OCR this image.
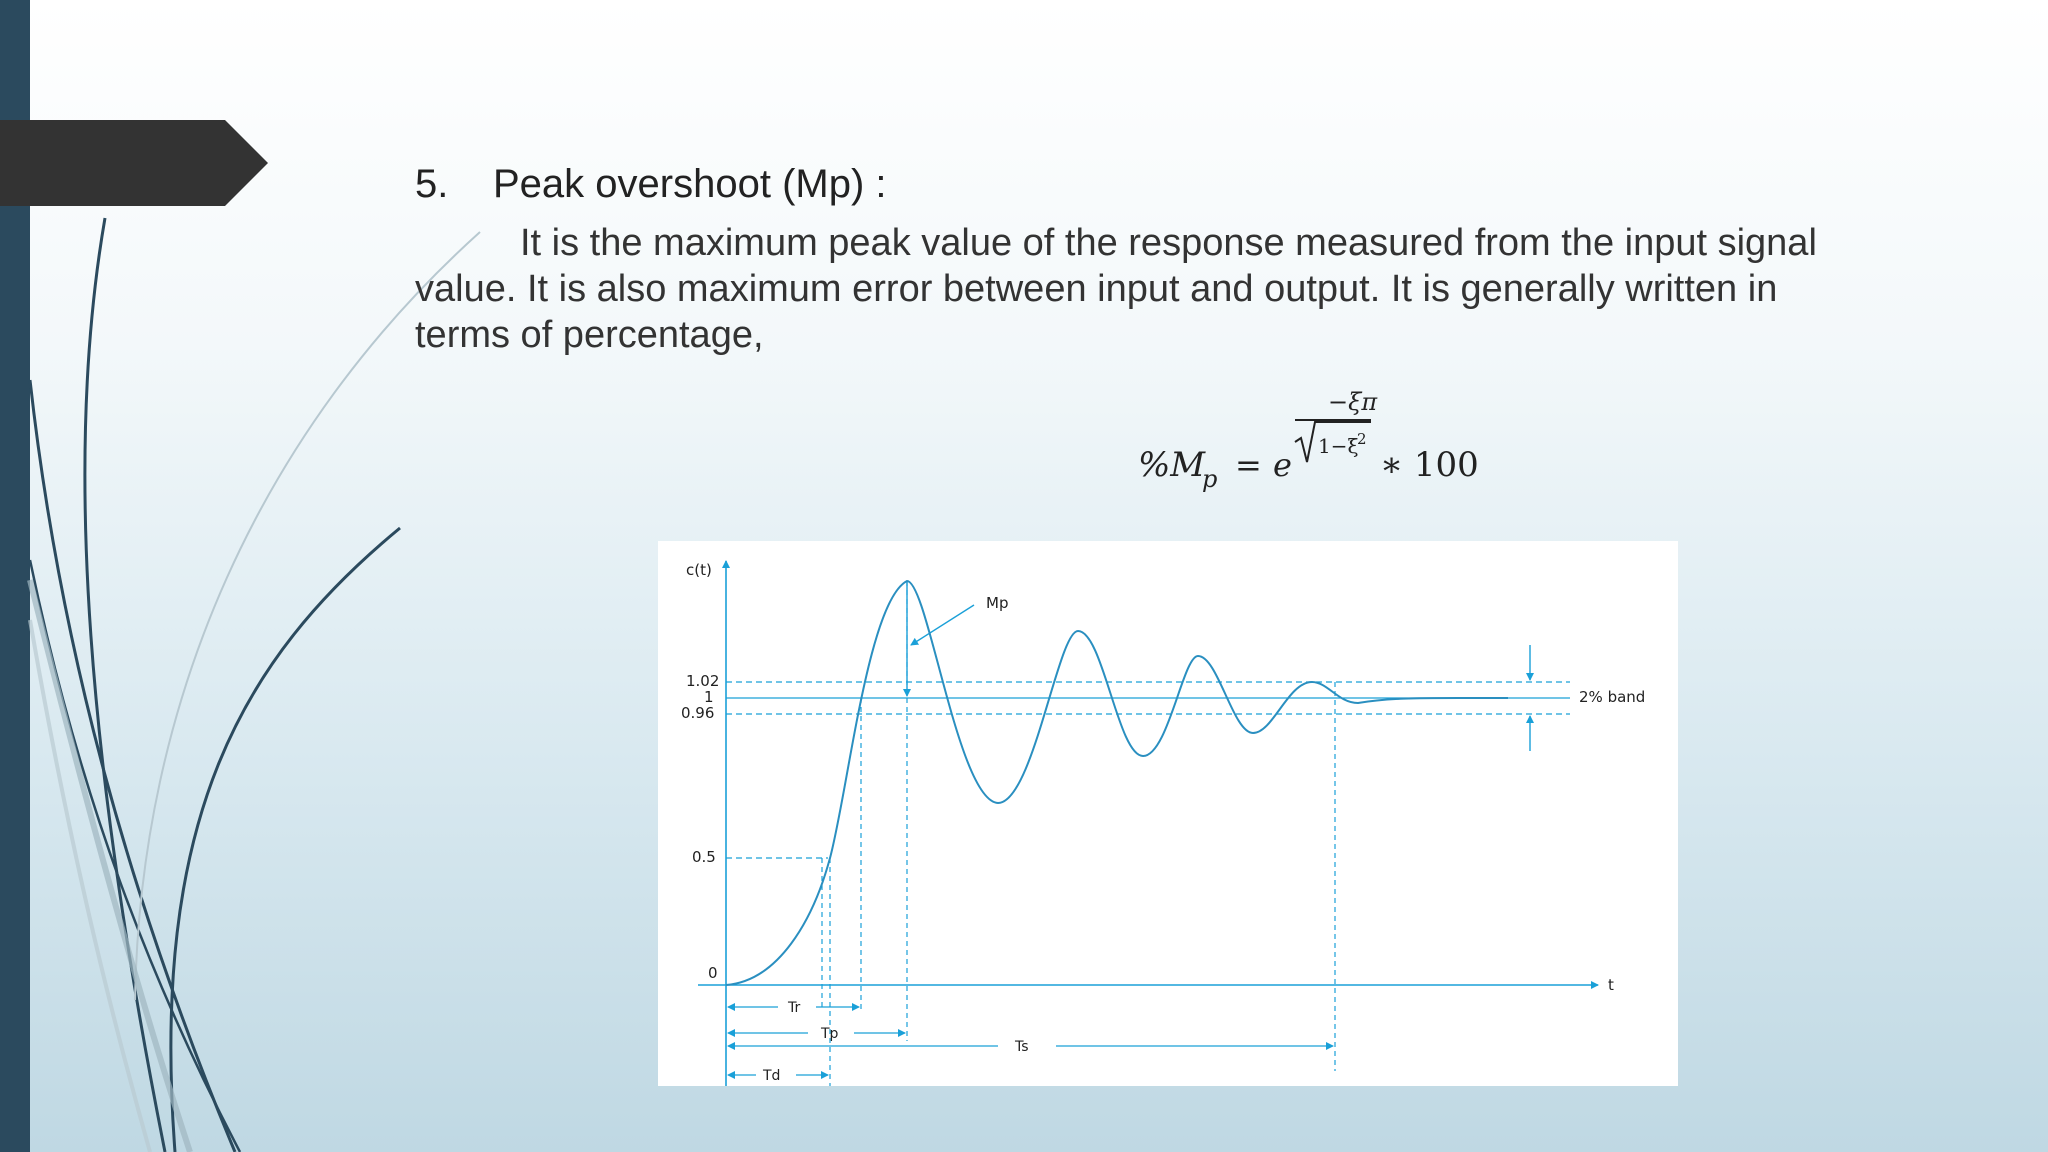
5. Peak overshoot (Mp) :
It is the maximum peak value of the response measured from the input signal
value. It is also maximum error between input and output. It is generally written in
terms of percentage,
−ξπ
1−ξ
2
%M
p = e	∗ 100
c(t)
t
1.02
1
0.96
0.5
0
Mp
2% band
Tr
Tp
Ts
Td
